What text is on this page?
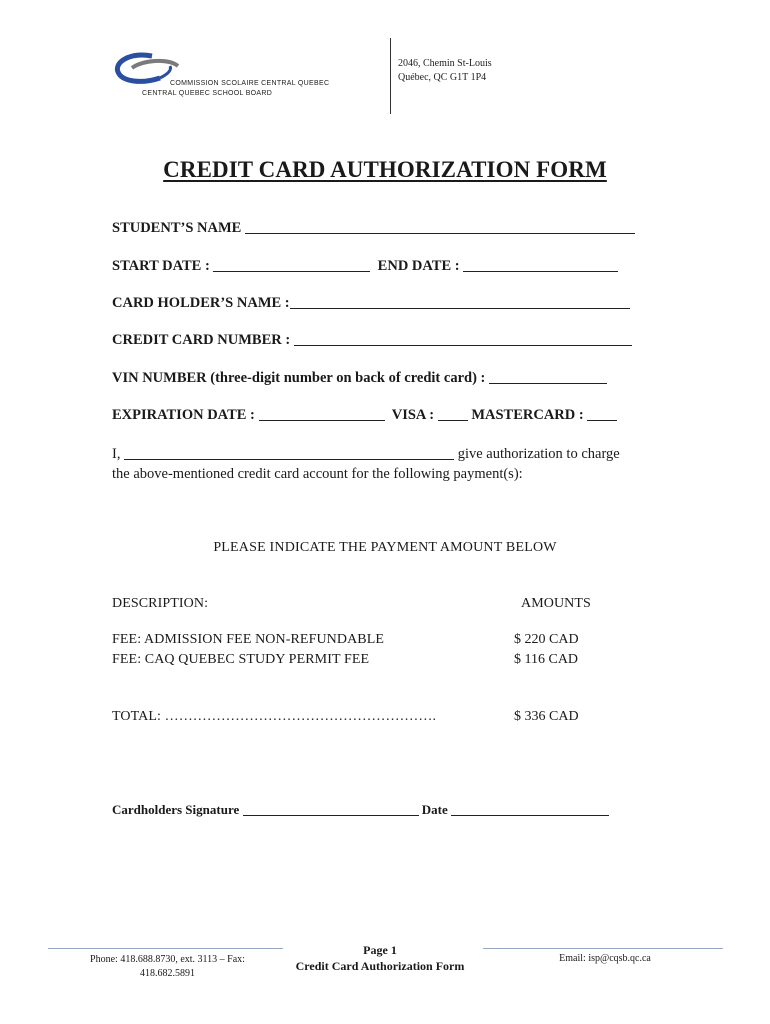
COMMISSION SCOLAIRE CENTRAL QUEBEC
CENTRAL QUEBEC SCHOOL BOARD
2046, Chemin St-Louis
Québec, QC G1T 1P4
CREDIT CARD AUTHORIZATION FORM
STUDENT’S NAME
START DATE :	END DATE :
CARD HOLDER’S NAME :
CREDIT CARD NUMBER :
VIN NUMBER (three-digit number on back of credit card) :
EXPIRATION DATE :	VISA :	MASTERCARD :
I,	give authorization to charge
the above-mentioned credit card account for the following payment(s):
PLEASE INDICATE THE PAYMENT AMOUNT BELOW
DESCRIPTION:	AMOUNTS
FEE: ADMISSION FEE NON-REFUNDABLE	$ 220 CAD
FEE: CAQ QUEBEC STUDY PERMIT FEE	$ 116 CAD
TOTAL: ………………………………………………….	$ 336 CAD
Cardholders Signature	Date
Phone: 418.688.8730, ext. 3113 – Fax:
418.682.5891
Page 1
Credit Card Authorization Form
Email: isp@cqsb.qc.ca
